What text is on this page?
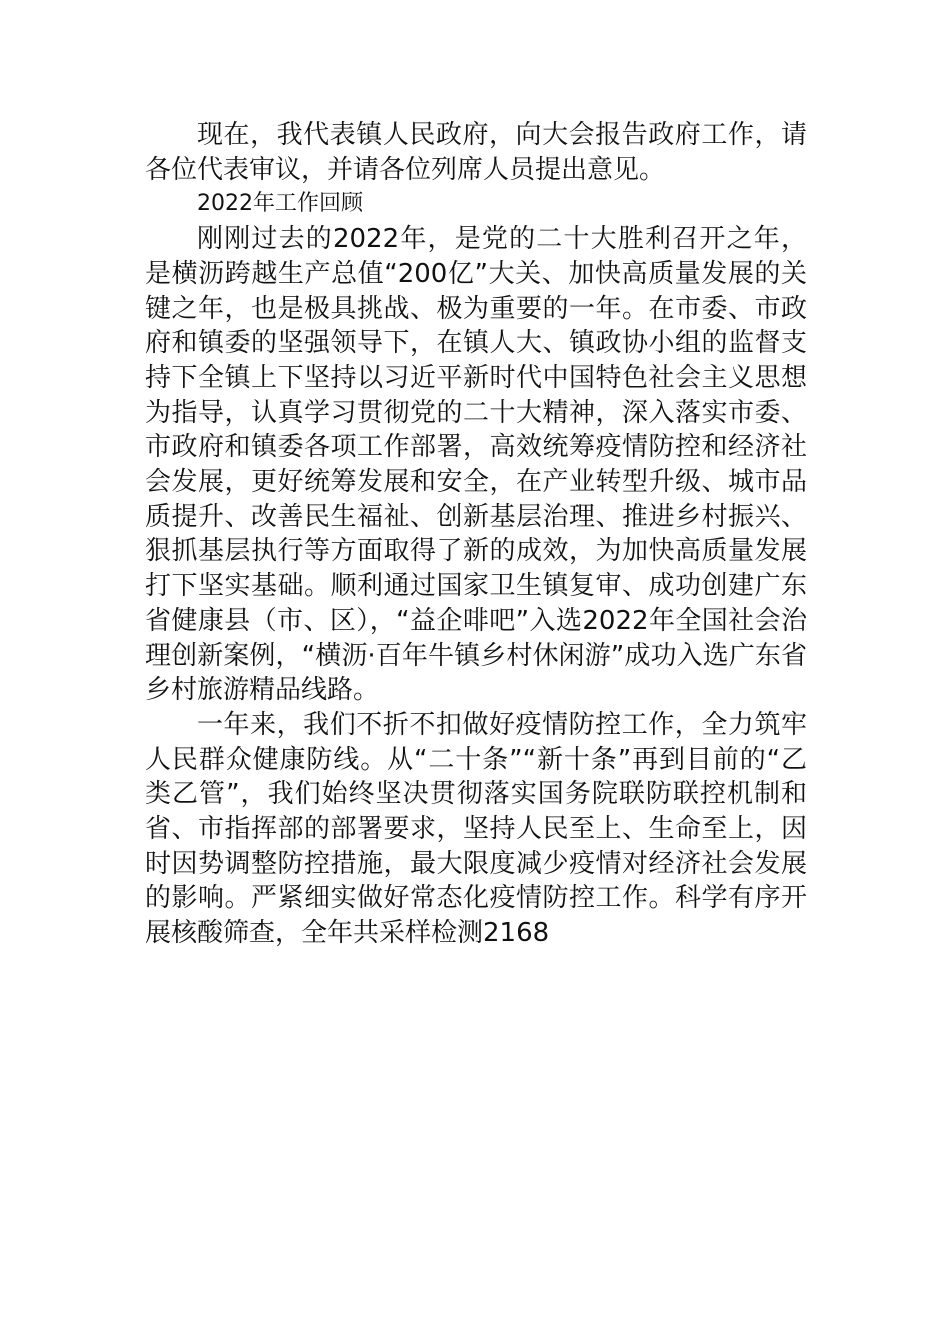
现在，我代表镇人民政府，向大会报告政府工作，请各位代表审议，并请各位列席人员提出意见。

2022年工作回顾

刚刚过去的2022年，是党的二十大胜利召开之年，是横沥跨越生产总值“200亿”大关、加快高质量发展的关键之年，也是极具挑战、极为重要的一年。在市委、市政府和镇委的坚强领导下，在镇人大、镇政协小组的监督支持下全镇上下坚持以习近平新时代中国特色社会主义思想为指导，认真学习贯彻党的二十大精神，深入落实市委、市政府和镇委各项工作部署，高效统筹疫情防控和经济社会发展，更好统筹发展和安全，在产业转型升级、城市品质提升、改善民生福祉、创新基层治理、推进乡村振兴、狠抓基层执行等方面取得了新的成效，为加快高质量发展打下坚实基础。顺利通过国家卫生镇复审、成功创建广东省健康县（市、区），“益企啡吧”入选2022年全国社会治理创新案例，“横沥·百年牛镇乡村休闲游”成功入选广东省乡村旅游精品线路。

一年来，我们不折不扣做好疫情防控工作，全力筑牢人民群众健康防线。从“二十条”“新十条”再到目前的“乙类乙管”，我们始终坚决贯彻落实国务院联防联控机制和省、市指挥部的部署要求，坚持人民至上、生命至上，因时因势调整防控措施，最大限度减少疫情对经济社会发展的影响。严紧细实做好常态化疫情防控工作。科学有序开展核酸筛查，全年共采样检测2168
